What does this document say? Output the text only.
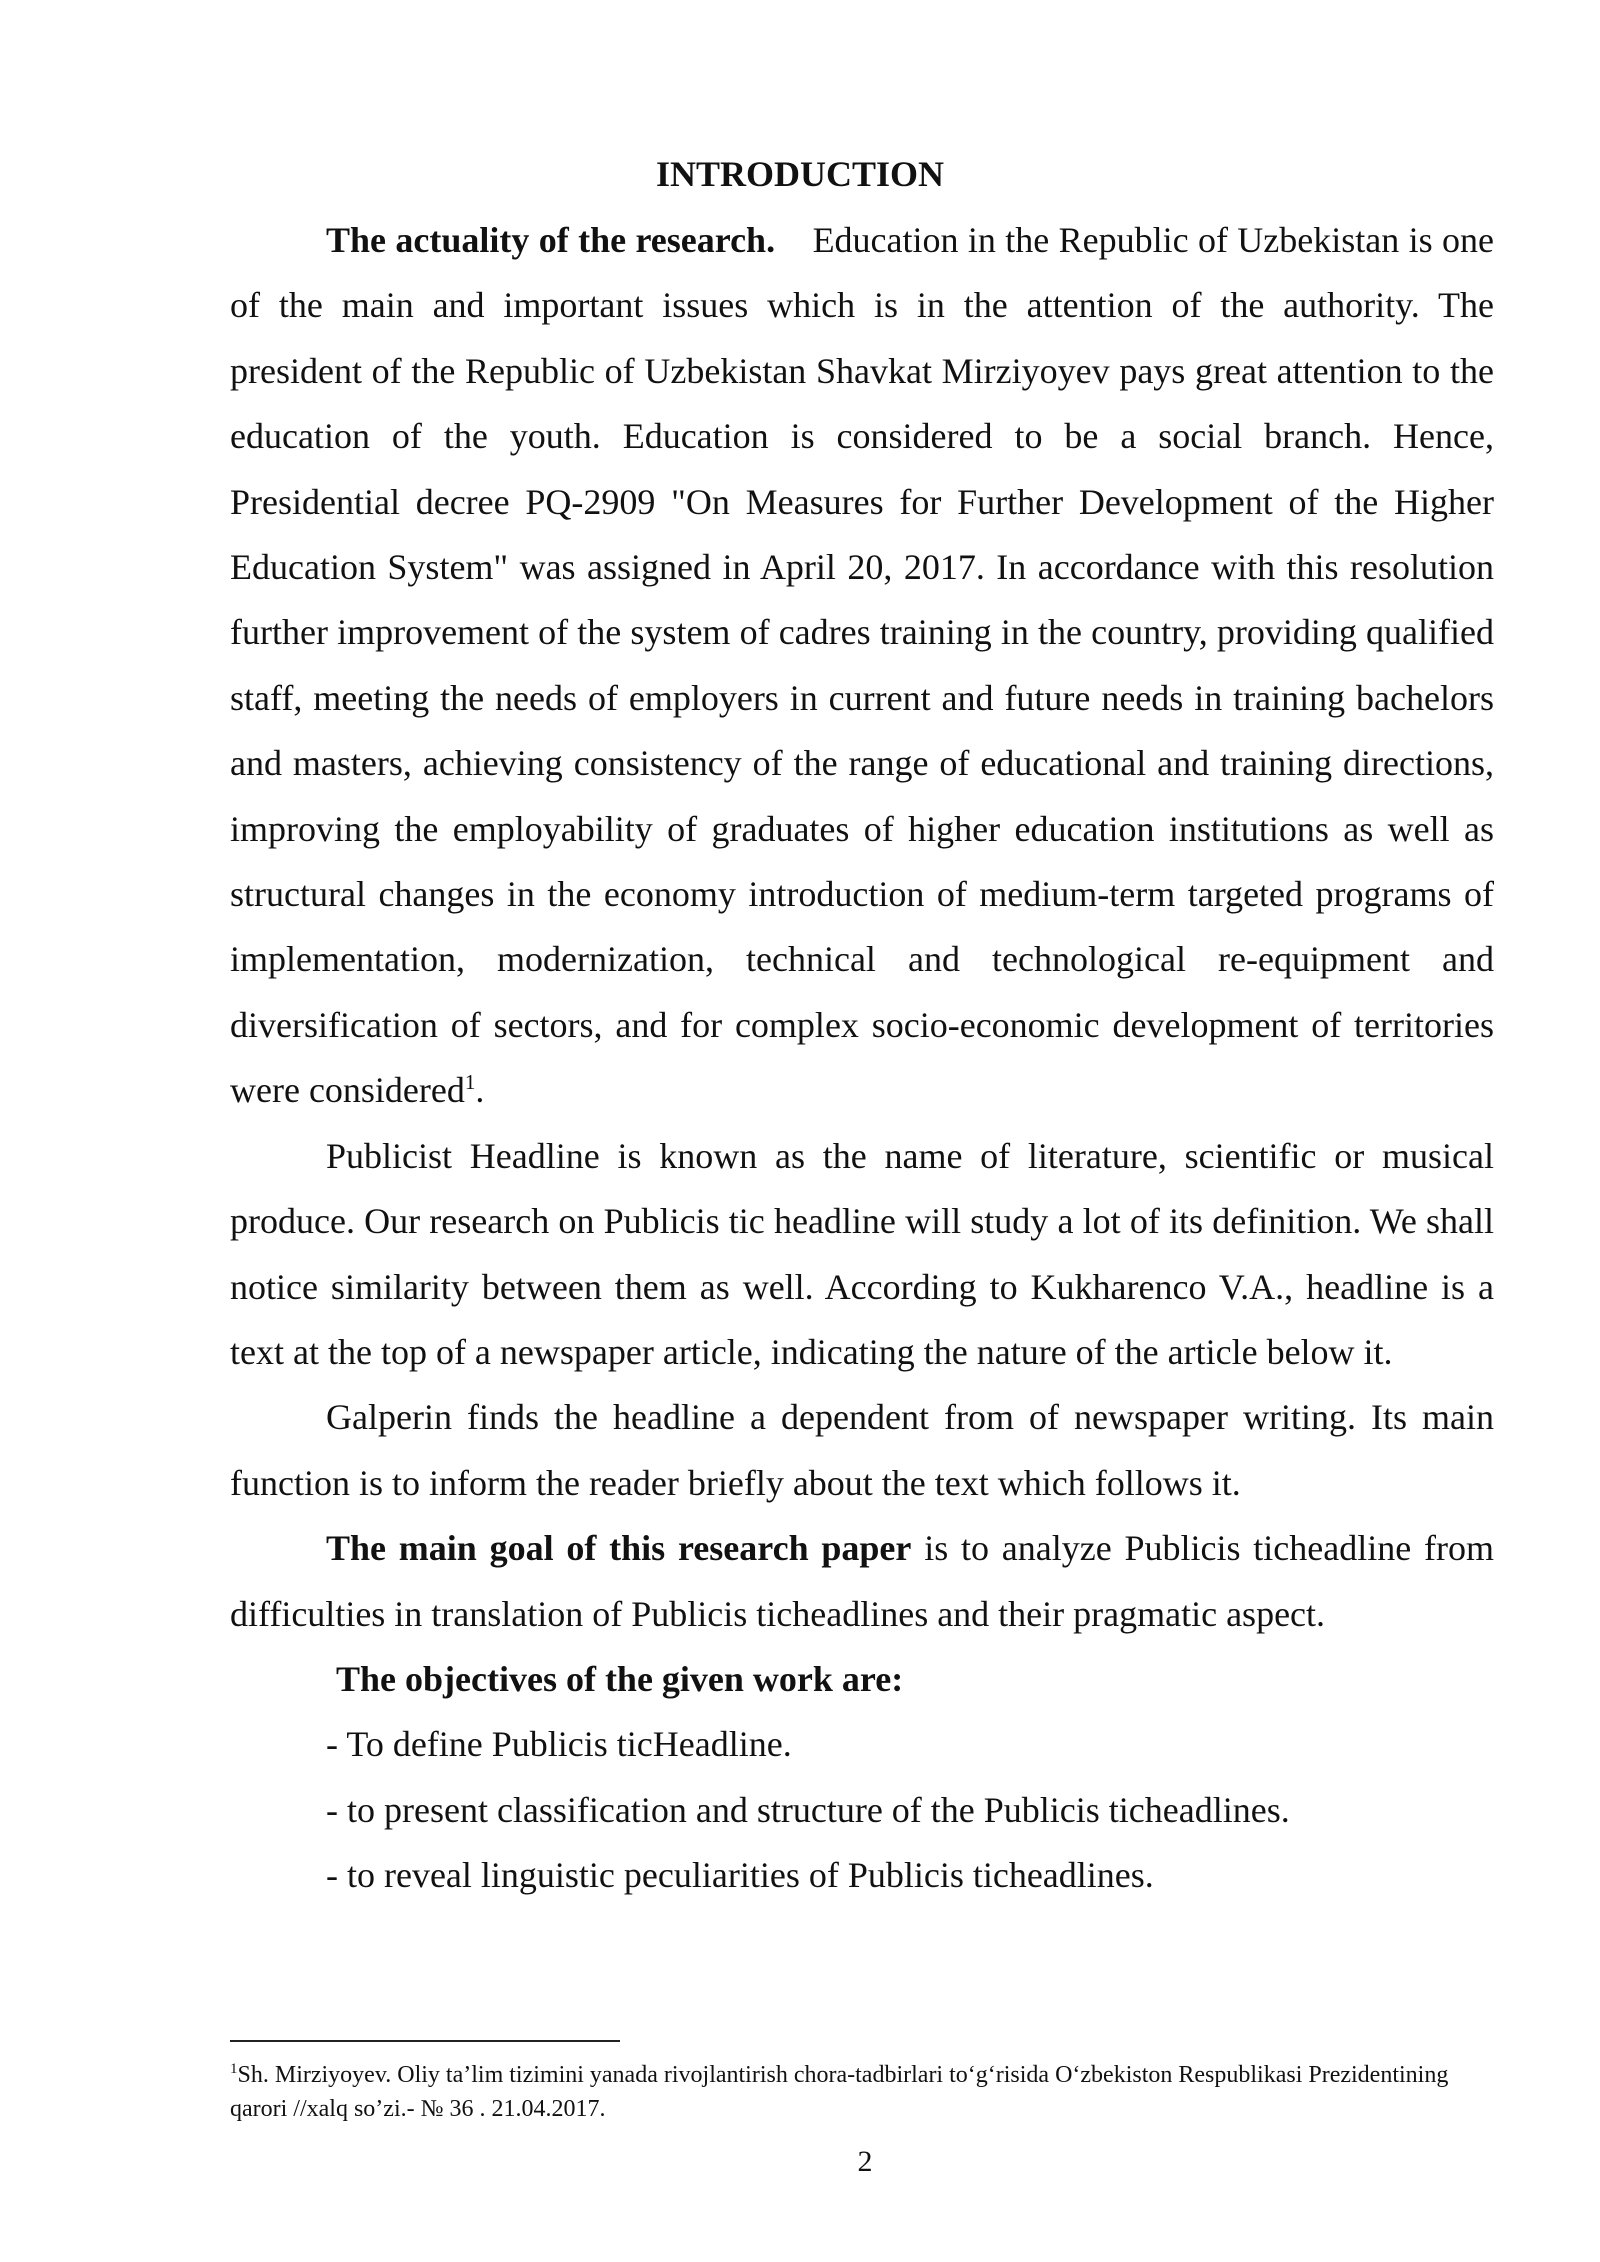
INTRODUCTION

The actuality of the research. Education in the Republic of Uzbekistan is one of the main and important issues which is in the attention of the authority. The president of the Republic of Uzbekistan Shavkat Mirziyoyev pays great attention to the education of the youth. Education is considered to be a social branch. Hence, Presidential decree PQ-2909 "On Measures for Further Development of the Higher Education System" was assigned in April 20, 2017. In accordance with this resolution further improvement of the system of cadres training in the country, providing qualified staff, meeting the needs of employers in current and future needs in training bachelors and masters, achieving consistency of the range of educational and training directions, improving the employability of graduates of higher education institutions as well as structural changes in the economy introduction of medium-term targeted programs of implementation, modernization, technical and technological re-equipment and diversification of sectors, and for complex socio-economic development of territories were considered$^1$.

Publicist Headline is known as the name of literature, scientific or musical produce. Our research on Publicis tic headline will study a lot of its definition. We shall notice similarity between them as well. According to Kukharenco V.A., headline is a text at the top of a newspaper article, indicating the nature of the article below it.

Galperin finds the headline a dependent from of newspaper writing. Its main function is to inform the reader briefly about the text which follows it.

The main goal of this research paper is to analyze Publicis ticheadline from difficulties in translation of Publicis ticheadlines and their pragmatic aspect.

The objectives of the given work are:

- To define Publicis ticHeadline.

- to present classification and structure of the Publicis ticheadlines.

- to reveal linguistic peculiarities of Publicis ticheadlines.

$^1$Sh. Mirziyoyev. Oliy ta’lim tizimini yanada rivojlantirish chora-tadbirlari to‘g‘risida O‘zbekiston Respublikasi Prezidentining qarori //xalq so’zi.- № 36 . 21.04.2017.
2
